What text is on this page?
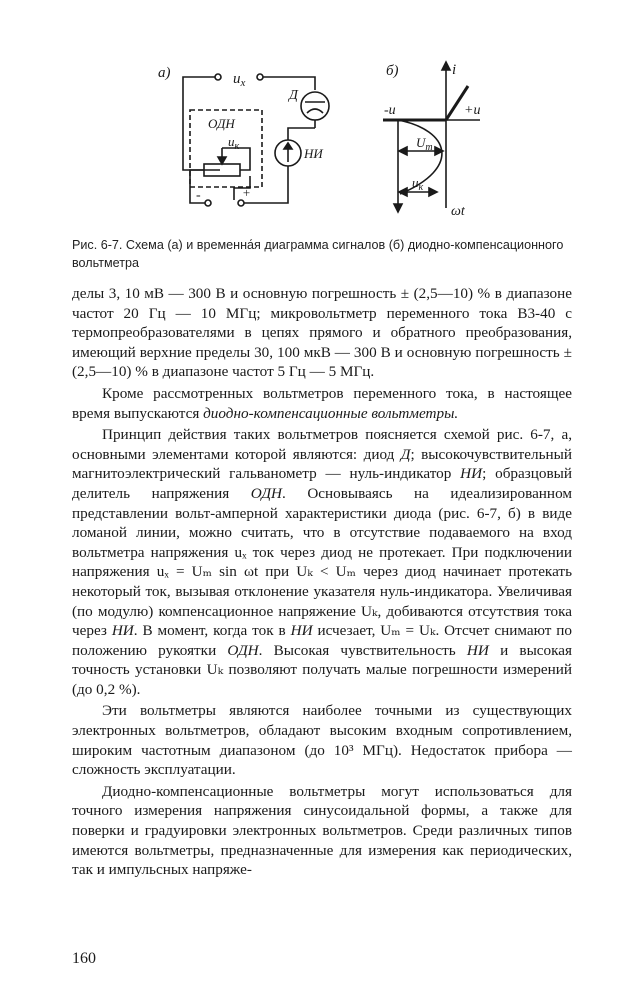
а)	$u_x$
Д
ОДН
$u_к$	НИ
-	+
б)	i
-u	+u
$U_m$
$u_к$
ωt
Рис. 6-7. Схема (а) и временна́я диаграмма сигналов (б) диодно-компенсационного вольтметра

делы 3, 10 мВ — 300 В и основную погрешность ± (2,5—10) % в диапазоне частот 20 Гц — 10 МГц; микровольтметр переменного тока В3-40 с термопреобразователями в цепях прямого и обратного преобразования, имеющий верхние пределы 30, 100 мкВ — 300 В и основную погрешность ± (2,5—10) % в диапазоне частот 5 Гц — 5 МГц.

Кроме рассмотренных вольтметров переменного тока, в настоящее время выпускаются диодно-компенсационные вольтметры.

Принцип действия таких вольтметров поясняется схемой рис. 6-7, а, основными элементами которой являются: диод Д; высокочувствительный магнитоэлектрический гальванометр — нуль-индикатор НИ; образцовый делитель напряжения ОДН. Основываясь на идеализированном представлении вольт-амперной характеристики диода (рис. 6-7, б) в виде ломаной линии, можно считать, что в отсутствие подаваемого на вход вольтметра напряжения uₓ ток через диод не протекает. При подключении напряжения uₓ = Uₘ sin ωt при Uₖ < Uₘ через диод начинает протекать некоторый ток, вызывая отклонение указателя нуль-индикатора. Увеличивая (по модулю) компенсационное напряжение Uₖ, добиваются отсутствия тока через НИ. В момент, когда ток в НИ исчезает, Uₘ = Uₖ. Отсчет снимают по положению рукоятки ОДН. Высокая чувствительность НИ и высокая точность установки Uₖ позволяют получать малые погрешности измерений (до 0,2 %).

Эти вольтметры являются наиболее точными из существующих электронных вольтметров, обладают высоким входным сопротивлением, широким частотным диапазоном (до 10³ МГц). Недостаток прибора — сложность эксплуатации.

Диодно-компенсационные вольтметры могут использоваться для точного измерения напряжения синусоидальной формы, а также для поверки и градуировки электронных вольтметров. Среди различных типов имеются вольтметры, предназначенные для измерения как периодических, так и импульсных напряже-

160
